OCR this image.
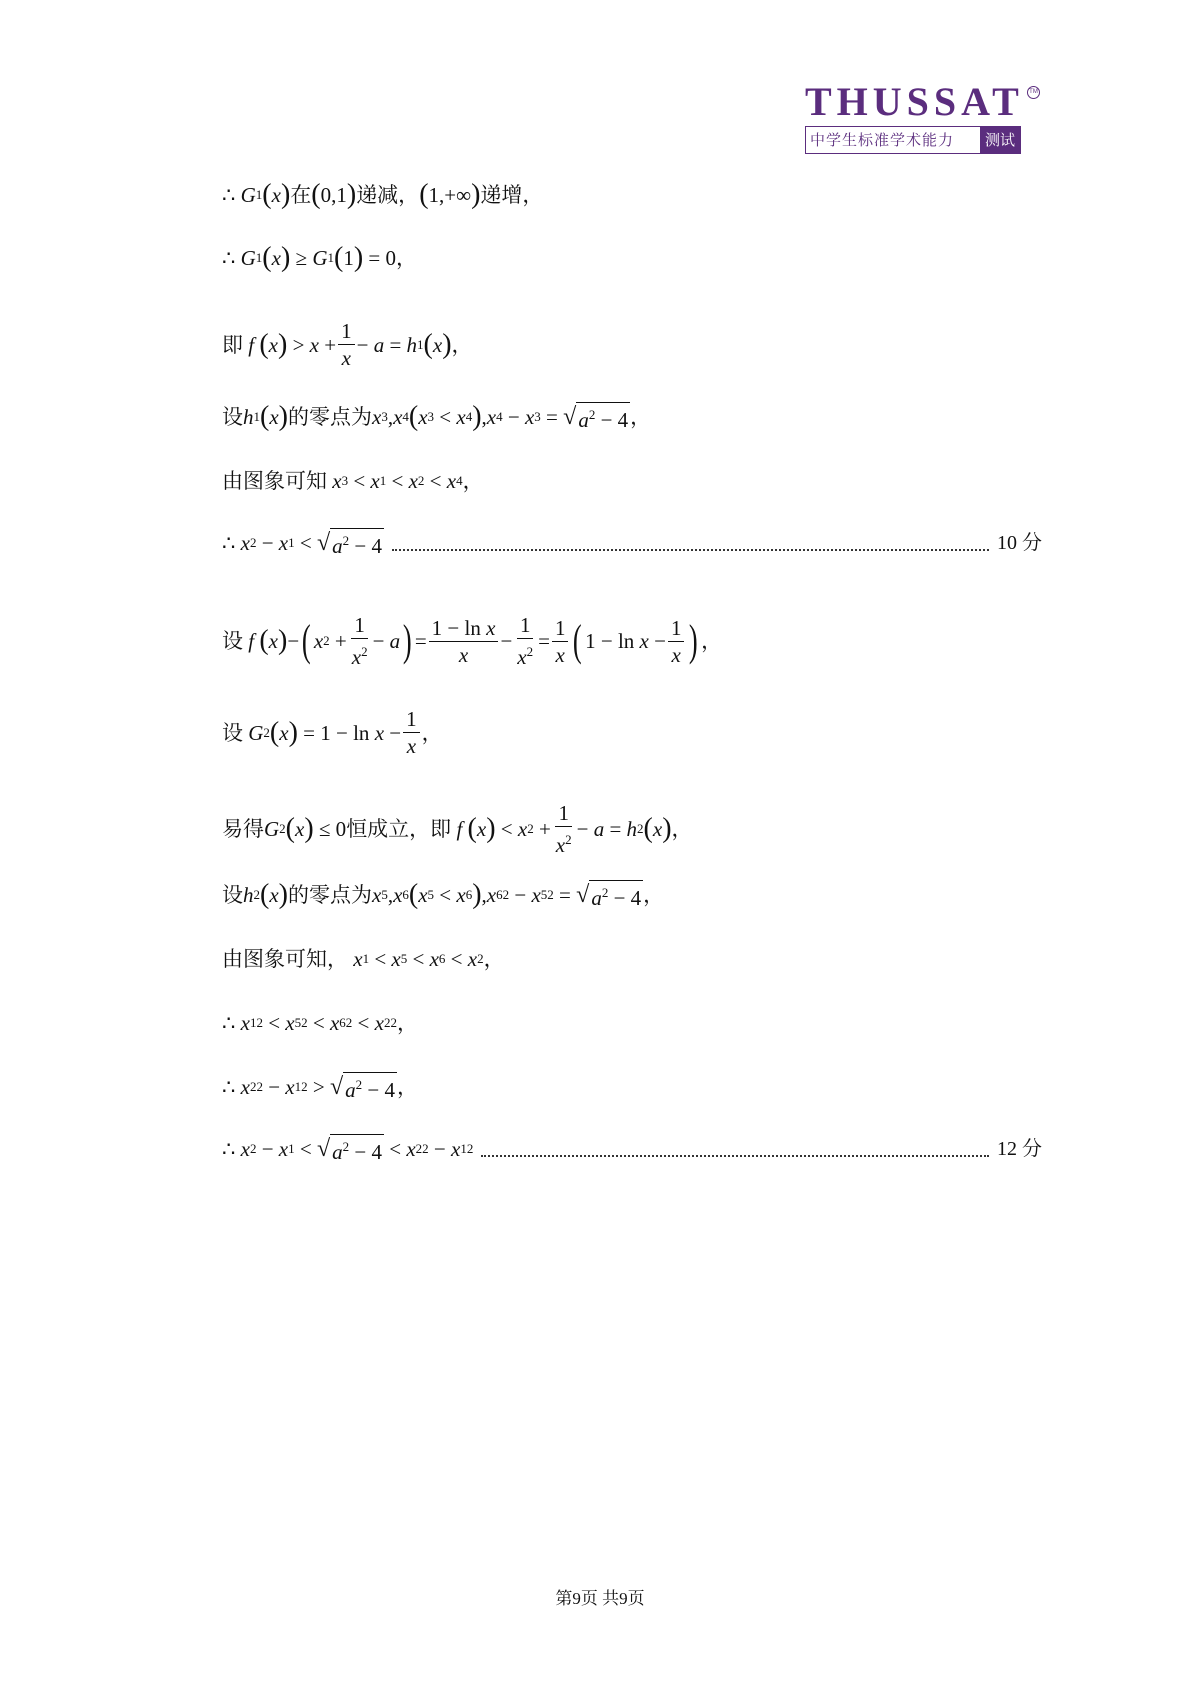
THUSSAT TM
中学生标准学术能力	测试
∴ G 1 ( x ) 在 ( 0,1 ) 递减， ( 1,+∞ ) 递增，
∴ G 1 ( x ) ≥ G 1 ( 1 ) = 0，
即
f
( x ) > $x + \frac{1}{x} - a = h$ 1 ( x ) ，
设 h 1 ( x ) 的零点为 x 3 , x 4 ( x 3 < x 4 ) , x 4 − x 3 = √ $a^2 - 4$ ，
由图象可知
x 3 < x 1 < x 2 < x 4 ，
∴ x 2 − x 1 < √ $a^2 - 4$	10 分
设
f
( x ) − ( x $2 + \frac{1}{x^2} - a$ ) = $\frac{\text{1 − ln x}}{x} - \frac{1}{x^2} = \frac{1}{x}$ ( $1 - \ln x - \frac{1}{x}$ ) ，
设
G 2 ( x ) = $1 - \ln x - \frac{1}{x}$ ，
易得 G 2 ( x ) ≤ 0 恒成立，即
f
( x ) < x $2 + \frac{1}{x^2} - a = h$ 2 ( x ) ，
设 h 2 ( x ) 的零点为 x 5 , x 6 ( x 5 < x 6 ) , x 6 2 − x 5 2 = √ $a^2 - 4$ ，
由图象可知，
x 1 < x 5 < x 6 < x 2 ，
∴ x 1 2 < x 5 2 < x 6 2 < x 2 2 ，
∴ x 2 2 − x 1 2 > √ $a^2 - 4$ ，
∴ x 2 − x 1 < √ $a^2 - 4 < x$ 2 2 − x 1 2	12 分
第9页 共9页
